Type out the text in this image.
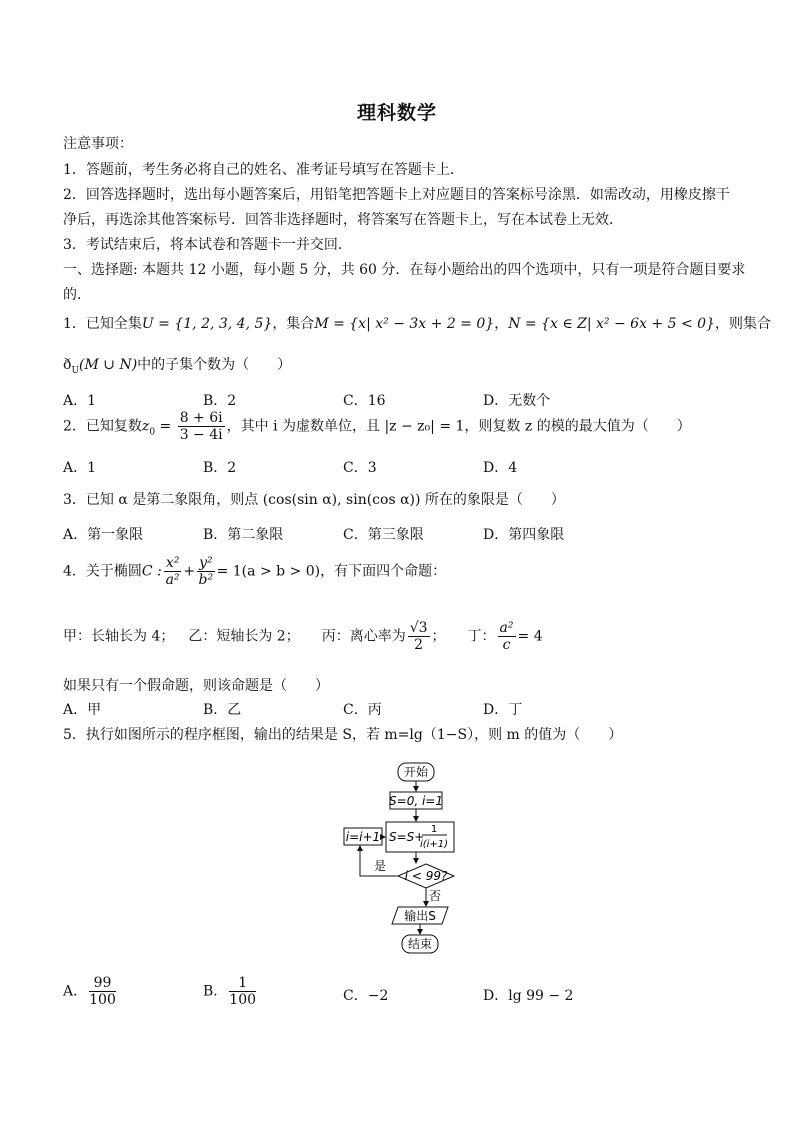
理科数学
注意事项：
1．答题前，考生务必将自己的姓名、准考证号填写在答题卡上．
2．回答选择题时，选出每小题答案后，用铅笔把答题卡上对应题目的答案标号涂黑．如需改动，用橡皮擦干
净后，再选涂其他答案标号．回答非选择题时，将答案写在答题卡上，写在本试卷上无效．
3．考试结束后，将本试卷和答题卡一并交回．
一、选择题: 本题共 12 小题，每小题 5 分，共 60 分．在每小题给出的四个选项中，只有一项是符合题目要求
的．
1．已知全集U = {1, 2, 3, 4, 5}，集合M = {x| x² − 3x + 2 = 0}，N = {x ∈ Z| x² − 6x + 5 < 0}，则集合
$ð_U(M$ ∪ N)中的子集个数为（　　）
A．1	B．2	C．16	D．无数个
2．已知复数$z_0 = \frac{8 + 6i}{3 - 4i}$ ，其中 i 为虚数单位，且 |z − z₀| = 1，则复数 z 的模的最大值为（　　）
A．1	B．2	C．3	D．4
3．已知 α 是第二象限角，则点 (cos(sin α), sin(cos α)) 所在的象限是（　　）
A．第一象限	B．第二象限	C．第三象限	D．第四象限
4．关于椭圆C : $\frac{\text{x²}}{\text{a²}} + \frac{\text{y²}}{\text{b²}} = 1(a > b > 0)$，有下面四个命题：
甲：长轴长为 4； 乙：短轴长为 2； 丙：离心率为 $\frac{√3}{2}$ ； 丁： $\frac{\text{a²}}{c} = 4$
如果只有一个假命题，则该命题是（　　）
A．甲	B．乙	C．丙	D．丁
5．执行如图所示的程序框图，输出的结果是 S，若 m=lg（1−S），则 m 的值为（　　）
开始
S=0, i=1
S=S+
1
i(i+1)
i=i+1
i < 99?
是
否
输出S
结束
A． $\frac{99}{100}$	B． $\frac{1}{100}$	C．−2	D．lg 99 − 2
